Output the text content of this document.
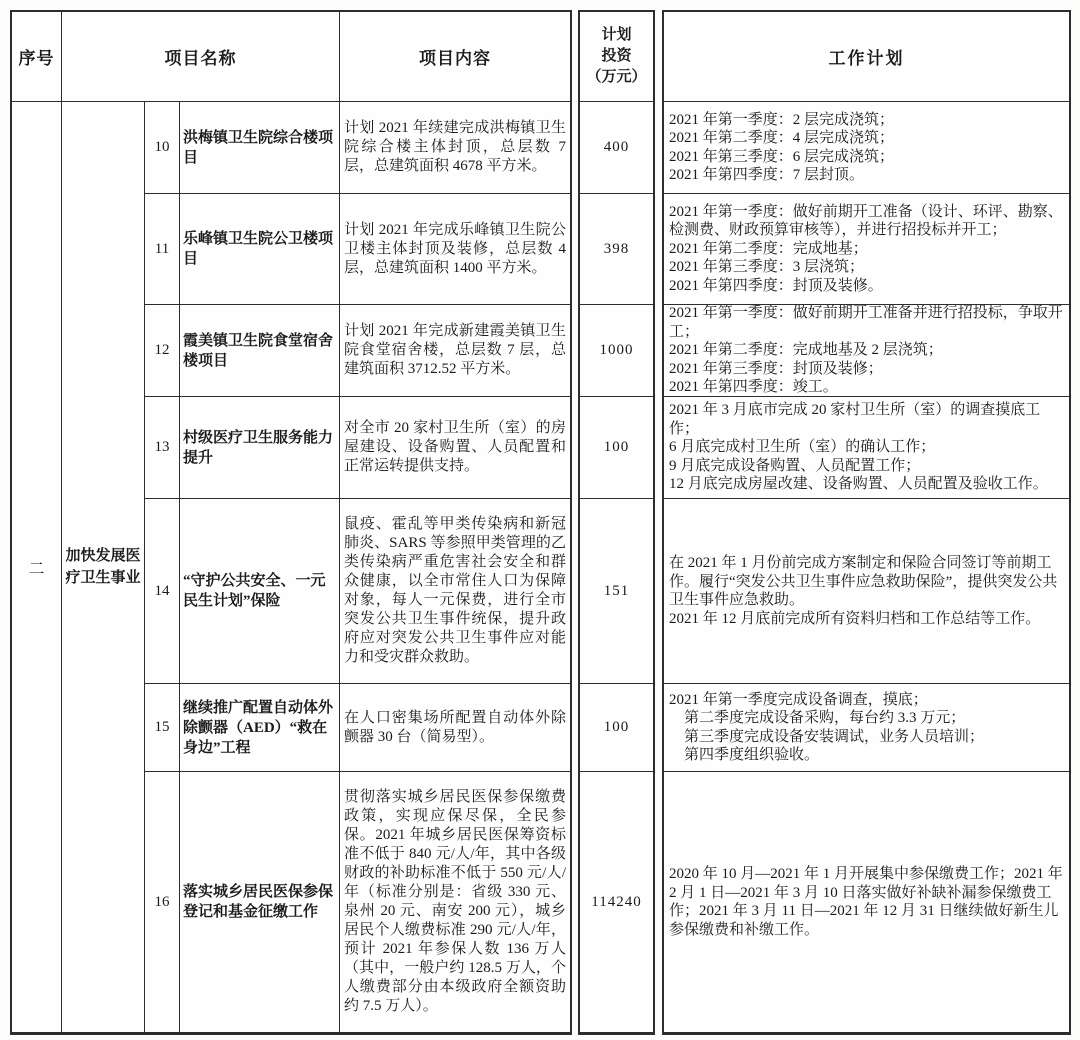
序号	项目名称	项目内容
二
加快发展医疗卫生事业
10
洪梅镇卫生院综合楼项目
计划 2021 年续建完成洪梅镇卫生院综合楼主体封顶，总层数 7 层，总建筑面积 4678 平方米。
11
乐峰镇卫生院公卫楼项目
计划 2021 年完成乐峰镇卫生院公卫楼主体封顶及装修，总层数 4 层，总建筑面积 1400 平方米。
12
霞美镇卫生院食堂宿舍楼项目
计划 2021 年完成新建霞美镇卫生院食堂宿舍楼，总层数 7 层，总建筑面积 3712.52 平方米。
13
村级医疗卫生服务能力提升
对全市 20 家村卫生所（室）的房屋建设、设备购置、人员配置和正常运转提供支持。
14
“守护公共安全、一元民生计划”保险
鼠疫、霍乱等甲类传染病和新冠肺炎、SARS 等参照甲类管理的乙类传染病严重危害社会安全和群众健康，以全市常住人口为保障对象，每人一元保费，进行全市突发公共卫生事件统保，提升政府应对突发公共卫生事件应对能力和受灾群众救助。
15
继续推广配置自动体外除颤器（AED）“救在身边”工程
在人口密集场所配置自动体外除颤器 30 台（简易型）。
16
落实城乡居民医保参保登记和基金征缴工作
贯彻落实城乡居民医保参保缴费政策，实现应保尽保，全民参保。2021 年城乡居民医保筹资标准不低于 840 元/人/年，其中各级财政的补助标准不低于 550 元/人/年（标准分别是：省级 330 元、泉州 20 元、南安 200 元），城乡居民个人缴费标准 290 元/人/年，预计 2021 年参保人数 136 万人（其中，一般户约 128.5 万人，个人缴费部分由本级政府全额资助约 7.5 万人）。
计划
投资
（万元）
400
398
1000
100
151
100
114240
工作计划
2021 年第一季度：2 层完成浇筑；
2021 年第二季度：4 层完成浇筑；
2021 年第三季度：6 层完成浇筑；
2021 年第四季度：7 层封顶。
2021 年第一季度：做好前期开工准备（设计、环评、勘察、检测费、财政预算审核等），并进行招投标并开工；
2021 年第二季度：完成地基；
2021 年第三季度：3 层浇筑；
2021 年第四季度：封顶及装修。
2021 年第一季度：做好前期开工准备并进行招投标，争取开工；
2021 年第二季度：完成地基及 2 层浇筑；
2021 年第三季度：封顶及装修；
2021 年第四季度：竣工。
2021 年 3 月底市完成 20 家村卫生所（室）的调查摸底工作；
6 月底完成村卫生所（室）的确认工作；
9 月底完成设备购置、人员配置工作；
12 月底完成房屋改建、设备购置、人员配置及验收工作。
在 2021 年 1 月份前完成方案制定和保险合同签订等前期工作。履行“突发公共卫生事件应急救助保险”，提供突发公共卫生事件应急救助。
2021 年 12 月底前完成所有资料归档和工作总结等工作。
2021 年第一季度完成设备调查，摸底；
　第二季度完成设备采购，每台约 3.3 万元；
　第三季度完成设备安装调试，业务人员培训；
　第四季度组织验收。
2020 年 10 月—2021 年 1 月开展集中参保缴费工作；2021 年 2 月 1 日—2021 年 3 月 10 日落实做好补缺补漏参保缴费工作；2021 年 3 月 11 日—2021 年 12 月 31 日继续做好新生儿参保缴费和补缴工作。
